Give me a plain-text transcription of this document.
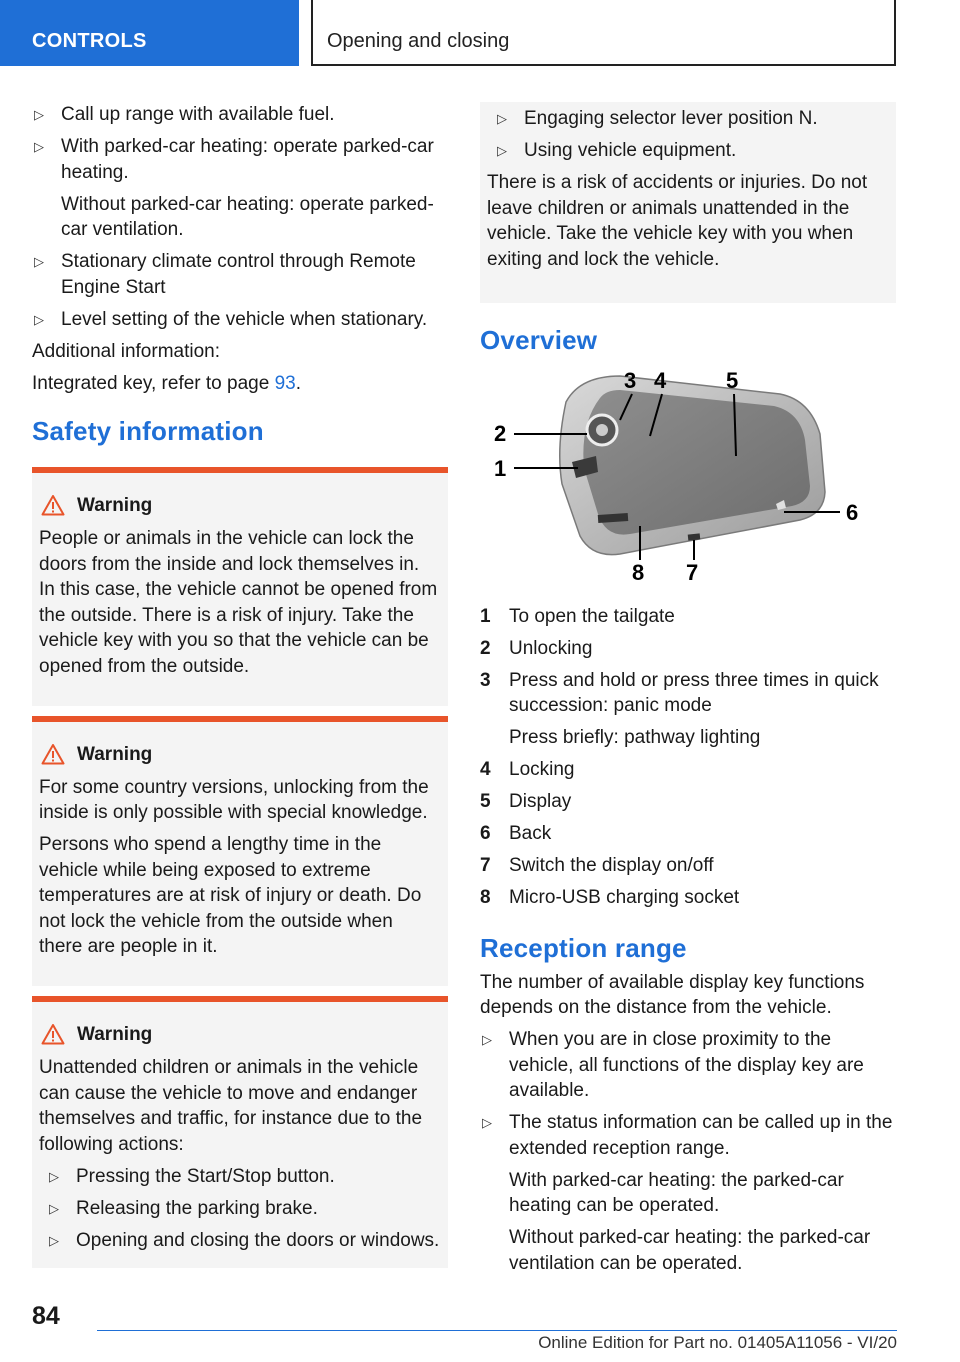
CONTROLS	Opening and closing
▷ Call up range with available fuel.

▷ With parked-car heating: operate parked-car heating.

Without parked-car heating: operate parked-car ventilation.

▷ Stationary climate control through Remote Engine Start

▷ Level setting of the vehicle when stationary.

Additional information:

Integrated key, refer to page 93.

Safety information
Warning

People or animals in the vehicle can lock the doors from the inside and lock themselves in. In this case, the vehicle cannot be opened from the outside. There is a risk of injury. Take the vehicle key with you so that the vehicle can be opened from the outside.

Warning

For some country versions, unlocking from the inside is only possible with special knowledge.

Persons who spend a lengthy time in the vehicle while being exposed to extreme temperatures are at risk of injury or death. Do not lock the vehicle from the outside when there are people in it.

Warning

Unattended children or animals in the vehicle can cause the vehicle to move and endanger themselves and traffic, for instance due to the following actions:

▷ Pressing the Start/Stop button.

▷ Releasing the parking brake.

▷ Opening and closing the doors or windows.

▷ Engaging selector lever position N.

▷ Using vehicle equipment.

There is a risk of accidents or injuries. Do not leave children or animals unattended in the vehicle. Take the vehicle key with you when exiting and lock the vehicle.

Overview
1
2
3 4	5
6
7
8
1 To open the tailgate

2 Unlocking

3 Press and hold or press three times in quick succession: panic mode

Press briefly: pathway lighting

4 Locking

5 Display

6 Back

7 Switch the display on/off

8 Micro-USB charging socket

Reception range

The number of available display key functions depends on the distance from the vehicle.

▷ When you are in close proximity to the vehicle, all functions of the display key are available.

▷ The status information can be called up in the extended reception range.

With parked-car heating: the parked-car heating can be operated.

Without parked-car heating: the parked-car ventilation can be operated.

84
Online Edition for Part no. 01405A11056 - VI/20
